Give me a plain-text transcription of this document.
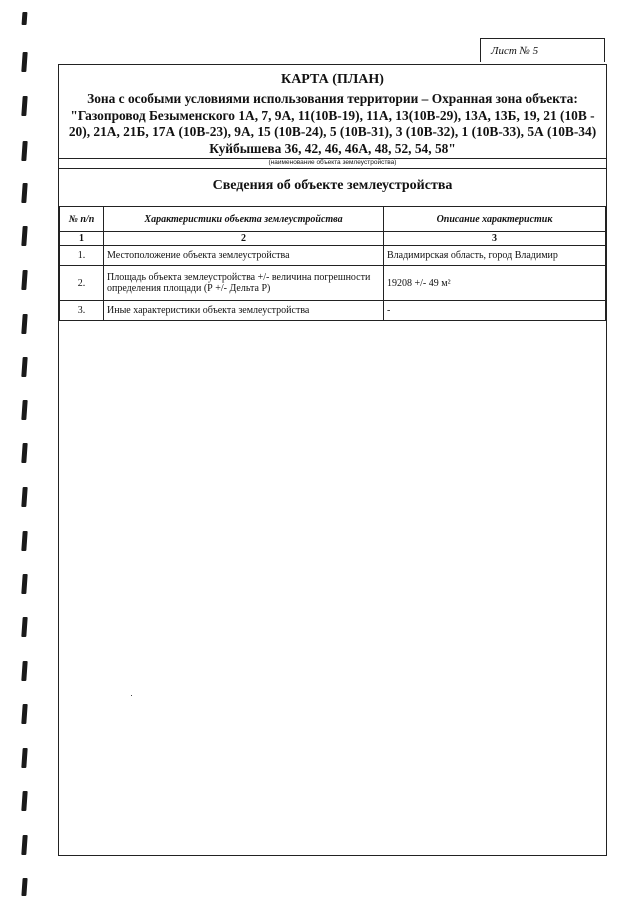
Лист № 5
КАРТА (ПЛАН)
Зона с особыми условиями использования территории – Охранная зона объекта: "Газопровод Безыменского 1А, 7, 9А, 11(10В-19), 11А, 13(10В-29), 13А, 13Б, 19, 21 (10В - 20), 21А, 21Б, 17А (10В-23), 9А, 15 (10В-24), 5 (10В-31), 3 (10В-32), 1 (10В-33), 5А (10В-34) Куйбышева 36, 42, 46, 46А, 48, 52, 54, 58"
(наименование объекта землеустройства)
Сведения об объекте землеустройства
№ п/п	Характеристики объекта землеустройства	Описание характеристик
1	2	3
1.	Местоположение объекта землеустройства	Владимирская область, город Владимир
2.	Площадь объекта землеустройства +/- величина погрешности определения площади (Р +/- Дельта Р)	19208 +/- 49 м²
3.	Иные характеристики объекта землеустройства	-
